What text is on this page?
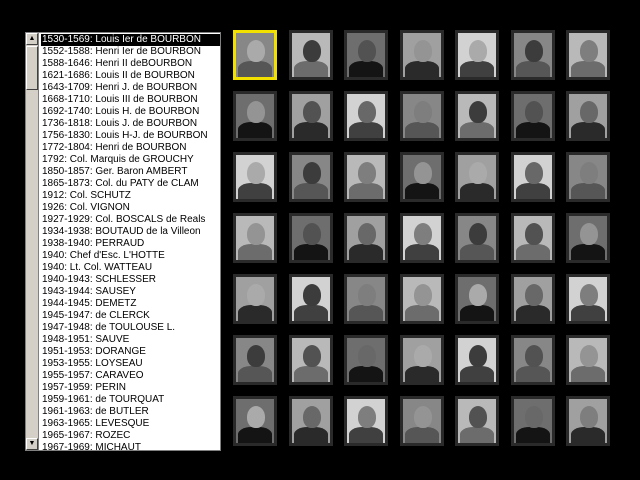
▲
▼
1530-1569: Louis Ier de BOURBON
1552-1588: Henri Ier de BOURBON
1588-1646: Henri II deBOURBON
1621-1686: Louis II de BOURBON
1643-1709: Henri J. de BOURBON
1668-1710: Louis III de BOURBON
1692-1740: Louis H. de BOURBON
1736-1818: Louis J. de BOURBON
1756-1830: Louis H-J. de BOURBON
1772-1804: Henri de BOURBON
1792: Col. Marquis de GROUCHY
1850-1857: Ger. Baron AMBERT
1865-1873: Col. du PATY de CLAM
1912: Col. SCHUTZ
1926: Col. VIGNON
1927-1929: Col. BOSCALS de Reals
1934-1938: BOUTAUD de la Villeon
1938-1940: PERRAUD
1940: Chef d'Esc. L'HOTTE
1940: Lt. Col. WATTEAU
1940-1943: SCHLESSER
1943-1944: SAUSEY
1944-1945: DEMETZ
1945-1947: de CLERCK
1947-1948: de TOULOUSE L.
1948-1951: SAUVE
1951-1953: DORANGE
1953-1955: LOYSEAU
1955-1957: CARAVEO
1957-1959: PERIN
1959-1961: de TOURQUAT
1961-1963: de BUTLER
1963-1965: LEVESQUE
1965-1967: ROZEC
1967-1969: MICHAUT
